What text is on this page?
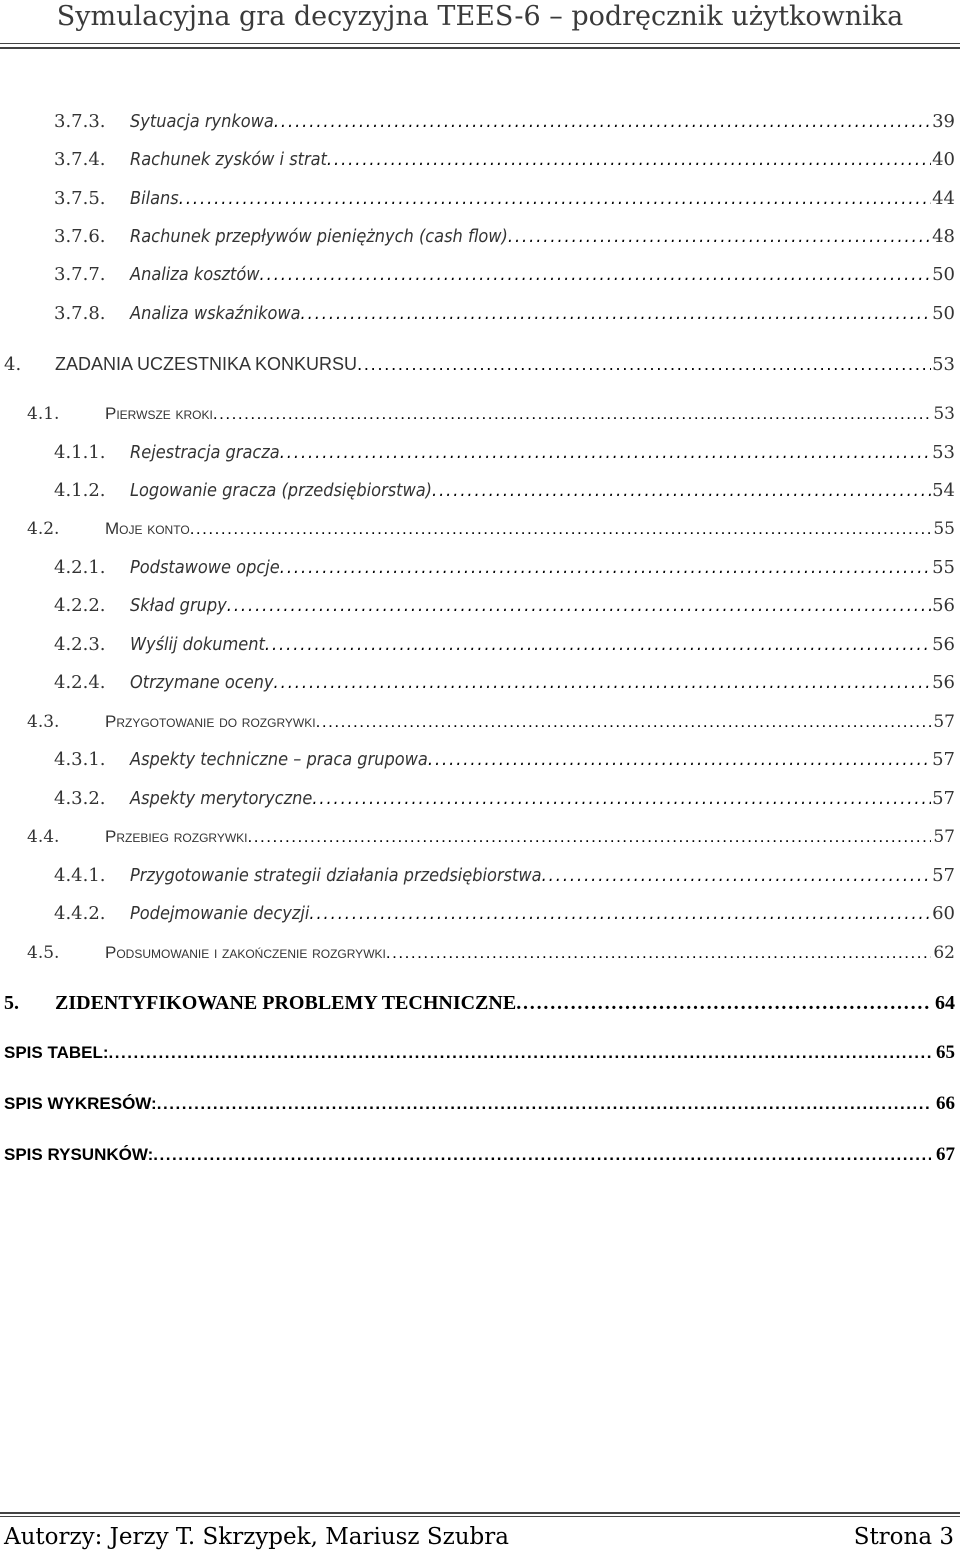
Symulacyjna gra decyzyjna TEES-6 – podręcznik użytkownika
3.7.3.	Sytuacja rynkowa . . .	39
3.7.4.	Rachunek zysków i strat . . .	40
3.7.5.	Bilans . . .	44
3.7.6.	Rachunek przepływów pieniężnych (cash flow) . . .	48
3.7.7.	Analiza kosztów . . .	50
3.7.8.	Analiza wskaźnikowa . . .	50
4.	ZADANIA UCZESTNIKA KONKURSU . . .	53
4.1.	Pierwsze kroki . . .	53
4.1.1.	Rejestracja gracza . . .	53
4.1.2.	Logowanie gracza (przedsiębiorstwa) . . .	54
4.2.	Moje konto . . .	55
4.2.1.	Podstawowe opcje . . .	55
4.2.2.	Skład grupy . . .	56
4.2.3.	Wyślij dokument . . .	56
4.2.4.	Otrzymane oceny . . .	56
4.3.	Przygotowanie do rozgrywki . . .	57
4.3.1.	Aspekty techniczne – praca grupowa . . .	57
4.3.2.	Aspekty merytoryczne . . .	57
4.4.	Przebieg rozgrywki . . .	57
4.4.1.	Przygotowanie strategii działania przedsiębiorstwa . . .	57
4.4.2.	Podejmowanie decyzji . . .	60
4.5.	Podsumowanie i zakończenie rozgrywki . . .	62
5.	ZIDENTYFIKOWANE PROBLEMY TECHNICZNE . . .	64
SPIS TABEL: . . .	65
SPIS WYKRESÓW: . . .	66
SPIS RYSUNKÓW: . . .	67
Autorzy: Jerzy T. Skrzypek, Mariusz Szubra	Strona 3
